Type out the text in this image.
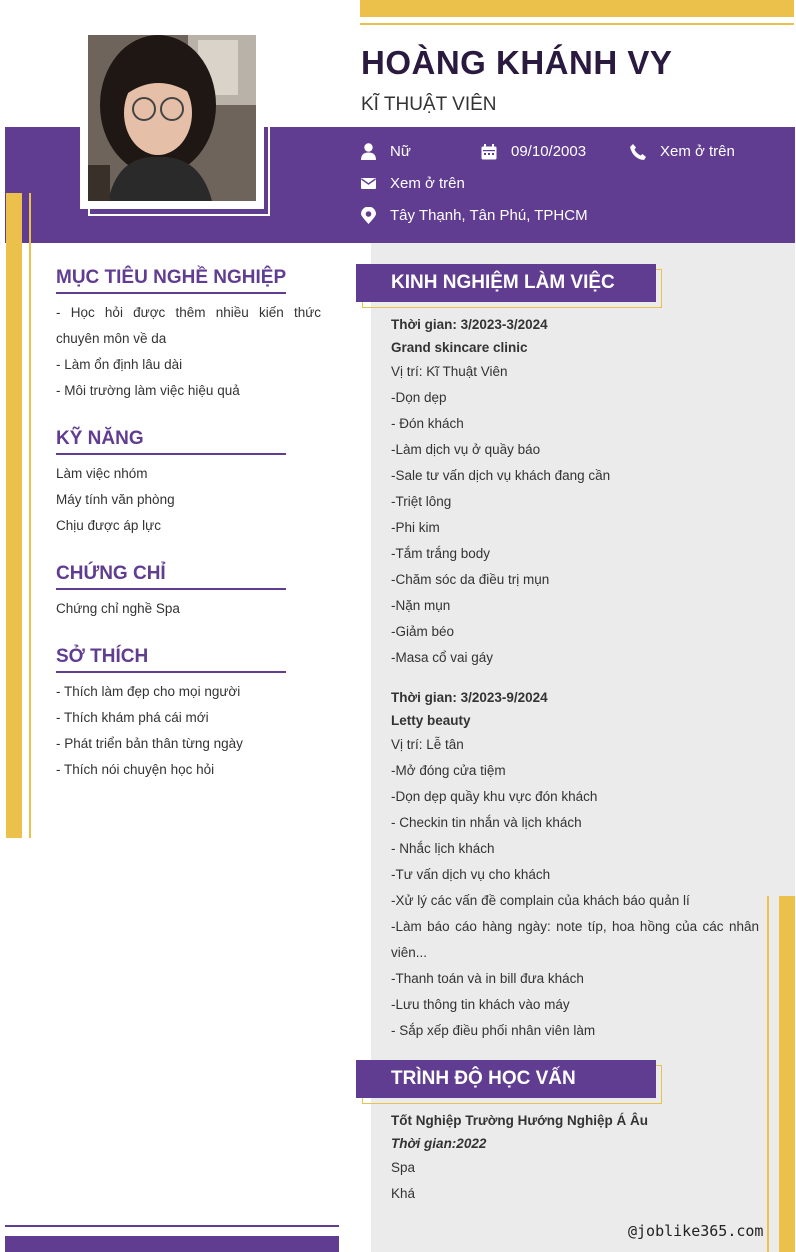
HOÀNG KHÁNH VY
KĨ THUẬT VIÊN
Nữ	09/10/2003	Xem ở trên
Xem ở trên
Tây Thạnh, Tân Phú, TPHCM
MỤC TIÊU NGHỀ NGHIỆP
- Học hỏi được thêm nhiều kiến thức chuyên môn về da
- Làm ổn định lâu dài
- Môi trường làm việc hiệu quả
KỸ NĂNG
Làm việc nhóm
Máy tính văn phòng
Chịu được áp lực
CHỨNG CHỈ
Chứng chỉ nghề Spa
SỞ THÍCH
- Thích làm đẹp cho mọi người
- Thích khám phá cái mới
- Phát triển bản thân từng ngày
- Thích nói chuyện học hỏi
KINH NGHIỆM LÀM VIỆC
Thời gian: 3/2023-3/2024
Grand skincare clinic
Vị trí: Kĩ Thuật Viên
-Dọn dẹp
- Đón khách
-Làm dịch vụ ở quầy báo
-Sale tư vấn dịch vụ khách đang cần
-Triệt lông
-Phi kim
-Tắm trắng body
-Chăm sóc da điều trị mụn
-Nặn mụn
-Giảm béo
-Masa cổ vai gáy
Thời gian: 3/2023-9/2024
Letty beauty
Vị trí: Lễ tân
-Mở đóng cửa tiệm
-Dọn dẹp quầy khu vực đón khách
- Checkin tin nhắn và lịch khách
- Nhắc lịch khách
-Tư vấn dịch vụ cho khách
-Xử lý các vấn đề complain của khách báo quản lí
-Làm báo cáo hàng ngày: note típ, hoa hồng của các nhân viên...
-Thanh toán và in bill đưa khách
-Lưu thông tin khách vào máy
- Sắp xếp điều phối nhân viên làm
TRÌNH ĐỘ HỌC VẤN
Tốt Nghiệp Trường Hướng Nghiệp Á Âu
Thời gian:2022
Spa
Khá
@joblike365.com
